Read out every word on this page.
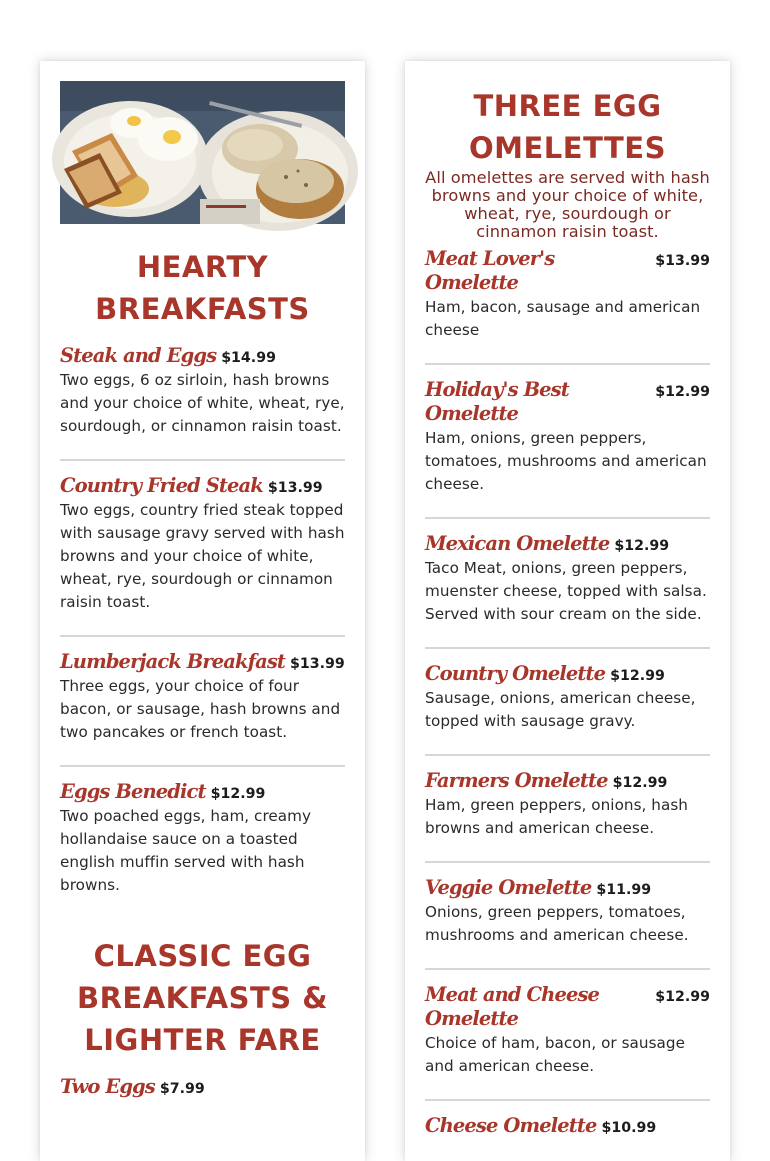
HEARTY BREAKFASTS
Steak and Eggs $14.99
Two eggs, 6 oz sirloin, hash browns and your choice of white, wheat, rye, sourdough, or cinnamon raisin toast.
Country Fried Steak $13.99
Two eggs, country fried steak topped with sausage gravy served with hash browns and your choice of white, wheat, rye, sourdough or cinnamon raisin toast.
Lumberjack Breakfast $13.99
Three eggs, your choice of four bacon, or sausage, hash browns and two pancakes or french toast.
Eggs Benedict $12.99
Two poached eggs, ham, creamy hollandaise sauce on a toasted english muffin served with hash browns.
CLASSIC EGG BREAKFASTS & LIGHTER FARE
Two Eggs $7.99
THREE EGG OMELETTES
All omelettes are served with hash browns and your choice of white, wheat, rye, sourdough or cinnamon raisin toast.
Meat Lover's Omelette
$13.99
Ham, bacon, sausage and american cheese
Holiday's Best Omelette
$12.99
Ham, onions, green peppers, tomatoes, mushrooms and american cheese.
Mexican Omelette $12.99
Taco Meat, onions, green peppers, muenster cheese, topped with salsa. Served with sour cream on the side.
Country Omelette $12.99
Sausage, onions, american cheese, topped with sausage gravy.
Farmers Omelette $12.99
Ham, green peppers, onions, hash browns and american cheese.
Veggie Omelette $11.99
Onions, green peppers, tomatoes, mushrooms and american cheese.
Meat and Cheese Omelette
$12.99
Choice of ham, bacon, or sausage and american cheese.
Cheese Omelette $10.99
